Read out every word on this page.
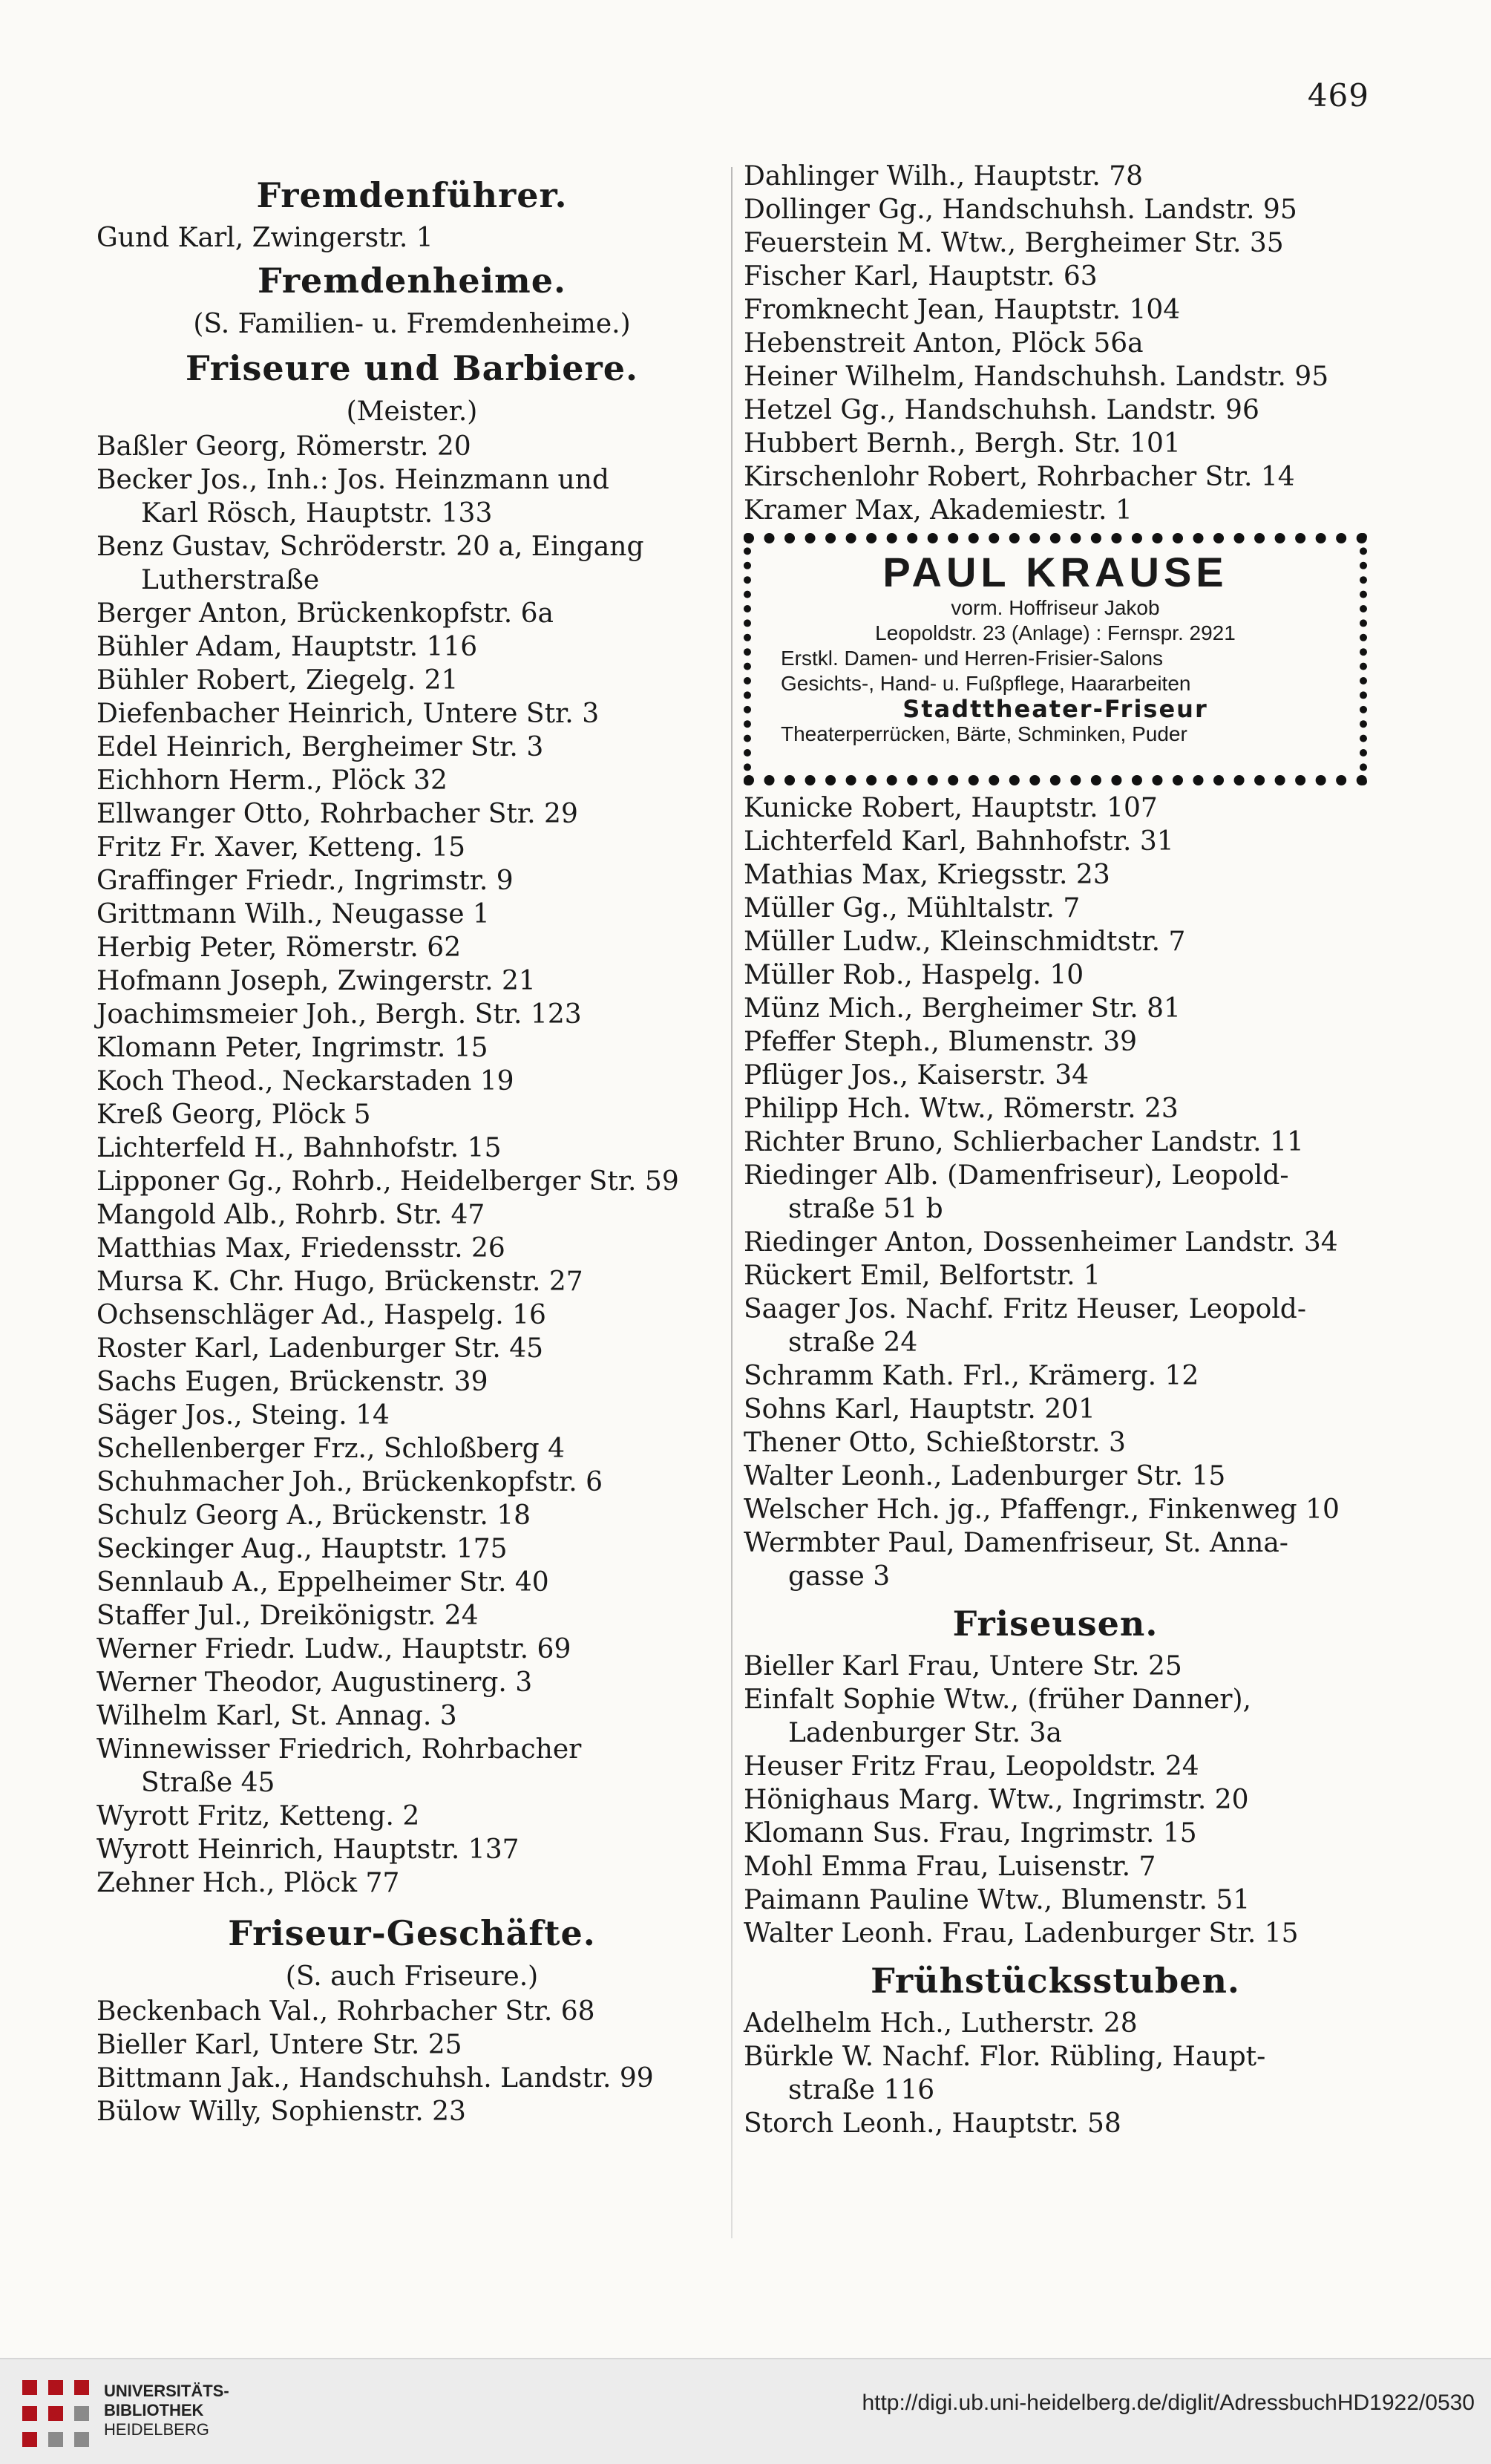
469

Fremdenführer.

Gund Karl, Zwingerstr. 1

Fremdenheime.

(S. Familien- u. Fremdenheime.)

Friseure und Barbiere.

(Meister.)

Baßler Georg, Römerstr. 20

Becker Jos., Inh.: Jos. Heinzmann und
Karl Rösch, Hauptstr. 133

Benz Gustav, Schröderstr. 20 a, Eingang
Lutherstraße

Berger Anton, Brückenkopfstr. 6a

Bühler Adam, Hauptstr. 116

Bühler Robert, Ziegelg. 21

Diefenbacher Heinrich, Untere Str. 3

Edel Heinrich, Bergheimer Str. 3

Eichhorn Herm., Plöck 32

Ellwanger Otto, Rohrbacher Str. 29

Fritz Fr. Xaver, Ketteng. 15

Graffinger Friedr., Ingrimstr. 9

Grittmann Wilh., Neugasse 1

Herbig Peter, Römerstr. 62

Hofmann Joseph, Zwingerstr. 21

Joachimsmeier Joh., Bergh. Str. 123

Klomann Peter, Ingrimstr. 15

Koch Theod., Neckarstaden 19

Kreß Georg, Plöck 5

Lichterfeld H., Bahnhofstr. 15

Lipponer Gg., Rohrb., Heidelberger Str. 59

Mangold Alb., Rohrb. Str. 47

Matthias Max, Friedensstr. 26

Mursa K. Chr. Hugo, Brückenstr. 27

Ochsenschläger Ad., Haspelg. 16

Roster Karl, Ladenburger Str. 45

Sachs Eugen, Brückenstr. 39

Säger Jos., Steing. 14

Schellenberger Frz., Schloßberg 4

Schuhmacher Joh., Brückenkopfstr. 6

Schulz Georg A., Brückenstr. 18

Seckinger Aug., Hauptstr. 175

Sennlaub A., Eppelheimer Str. 40

Staffer Jul., Dreikönigstr. 24

Werner Friedr. Ludw., Hauptstr. 69

Werner Theodor, Augustinerg. 3

Wilhelm Karl, St. Annag. 3

Winnewisser Friedrich, Rohrbacher
Straße 45

Wyrott Fritz, Ketteng. 2

Wyrott Heinrich, Hauptstr. 137

Zehner Hch., Plöck 77

Friseur-Geschäfte.

(S. auch Friseure.)

Beckenbach Val., Rohrbacher Str. 68

Bieller Karl, Untere Str. 25

Bittmann Jak., Handschuhsh. Landstr. 99

Bülow Willy, Sophienstr. 23

Dahlinger Wilh., Hauptstr. 78

Dollinger Gg., Handschuhsh. Landstr. 95

Feuerstein M. Wtw., Bergheimer Str. 35

Fischer Karl, Hauptstr. 63

Fromknecht Jean, Hauptstr. 104

Hebenstreit Anton, Plöck 56a

Heiner Wilhelm, Handschuhsh. Landstr. 95

Hetzel Gg., Handschuhsh. Landstr. 96

Hubbert Bernh., Bergh. Str. 101

Kirschenlohr Robert, Rohrbacher Str. 14

Kramer Max, Akademiestr. 1

PAUL KRAUSE

vorm. Hoffriseur Jakob

Leopoldstr. 23 (Anlage) : Fernspr. 2921

Erstkl. Damen- und Herren-Frisier-Salons

Gesichts-, Hand- u. Fußpflege, Haararbeiten

Stadttheater-Friseur

Theaterperrücken, Bärte, Schminken, Puder

Kunicke Robert, Hauptstr. 107

Lichterfeld Karl, Bahnhofstr. 31

Mathias Max, Kriegsstr. 23

Müller Gg., Mühltalstr. 7

Müller Ludw., Kleinschmidtstr. 7

Müller Rob., Haspelg. 10

Münz Mich., Bergheimer Str. 81

Pfeffer Steph., Blumenstr. 39

Pflüger Jos., Kaiserstr. 34

Philipp Hch. Wtw., Römerstr. 23

Richter Bruno, Schlierbacher Landstr. 11

Riedinger Alb. (Damenfriseur), Leopold-
straße 51 b

Riedinger Anton, Dossenheimer Landstr. 34

Rückert Emil, Belfortstr. 1

Saager Jos. Nachf. Fritz Heuser, Leopold-
straße 24

Schramm Kath. Frl., Krämerg. 12

Sohns Karl, Hauptstr. 201

Thener Otto, Schießtorstr. 3

Walter Leonh., Ladenburger Str. 15

Welscher Hch. jg., Pfaffengr., Finkenweg 10

Wermbter Paul, Damenfriseur, St. Anna-
gasse 3

Friseusen.

Bieller Karl Frau, Untere Str. 25

Einfalt Sophie Wtw., (früher Danner),
Ladenburger Str. 3a

Heuser Fritz Frau, Leopoldstr. 24

Hönighaus Marg. Wtw., Ingrimstr. 20

Klomann Sus. Frau, Ingrimstr. 15

Mohl Emma Frau, Luisenstr. 7

Paimann Pauline Wtw., Blumenstr. 51

Walter Leonh. Frau, Ladenburger Str. 15

Frühstücksstuben.

Adelhelm Hch., Lutherstr. 28

Bürkle W. Nachf. Flor. Rübling, Haupt-
straße 116

Storch Leonh., Hauptstr. 58

UNIVERSITÄTS-
BIBLIOTHEK
HEIDELBERG
http://digi.ub.uni-heidelberg.de/diglit/AdressbuchHD1922/0530
